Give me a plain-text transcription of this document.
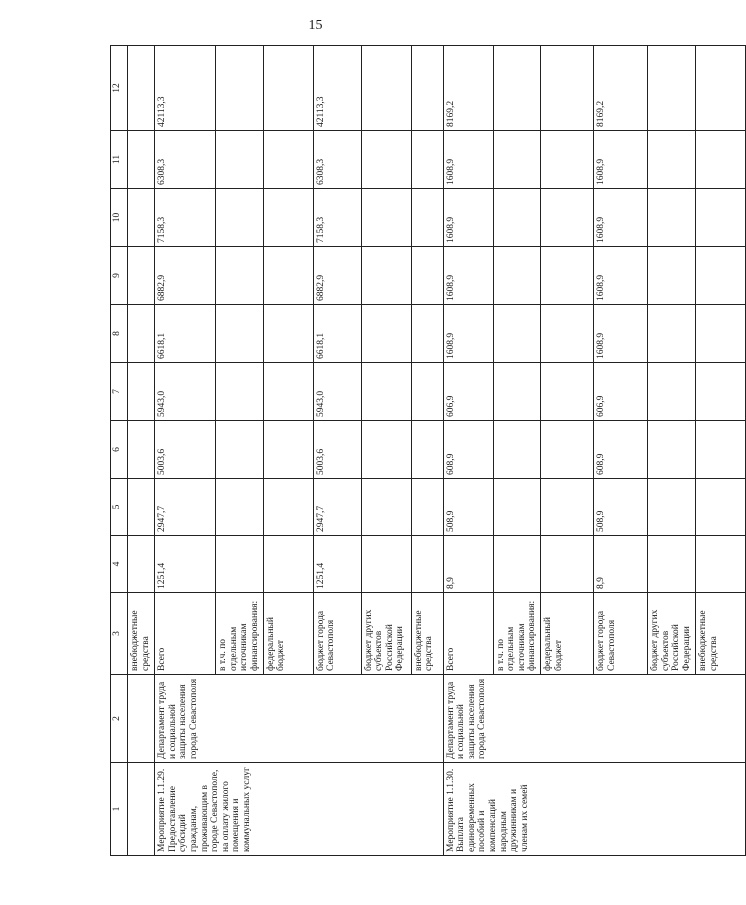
15
1	2	3	4	5	6	7	8	9	10	11	12
		внебюджетные средства									
Мероприятие 1.1.29. Предоставление субсидий гражданам, проживающим в городе Севастополе, на оплату жилого помещения и коммунальных услуг	Департамент труда и социальной защиты населения города Севастополя	Всего	1251,4	2947,7	5003,6	5943,0	6618,1	6882,9	7158,3	6308,3	42113,3
		в т.ч. по отдельным источникам финансирования:									
		федеральный бюджет									
		бюджет города Севастополя	1251,4	2947,7	5003,6	5943,0	6618,1	6882,9	7158,3	6308,3	42113,3
		бюджет других субъектов Российской Федерации									
		внебюджетные средства									
Мероприятие 1.1.30. Выплата единовременных пособий и компенсаций народным дружинникам и членам их семей	Департамент труда и социальной защиты населения города Севастополя	Всего	8,9	508,9	608,9	606,9	1608,9	1608,9	1608,9	1608,9	8169,2
		в т.ч. по отдельным источникам финансирования:									
		федеральный бюджет									
		бюджет города Севастополя	8,9	508,9	608,9	606,9	1608,9	1608,9	1608,9	1608,9	8169,2
		бюджет других субъектов Российской Федерации									
		внебюджетные средства									
